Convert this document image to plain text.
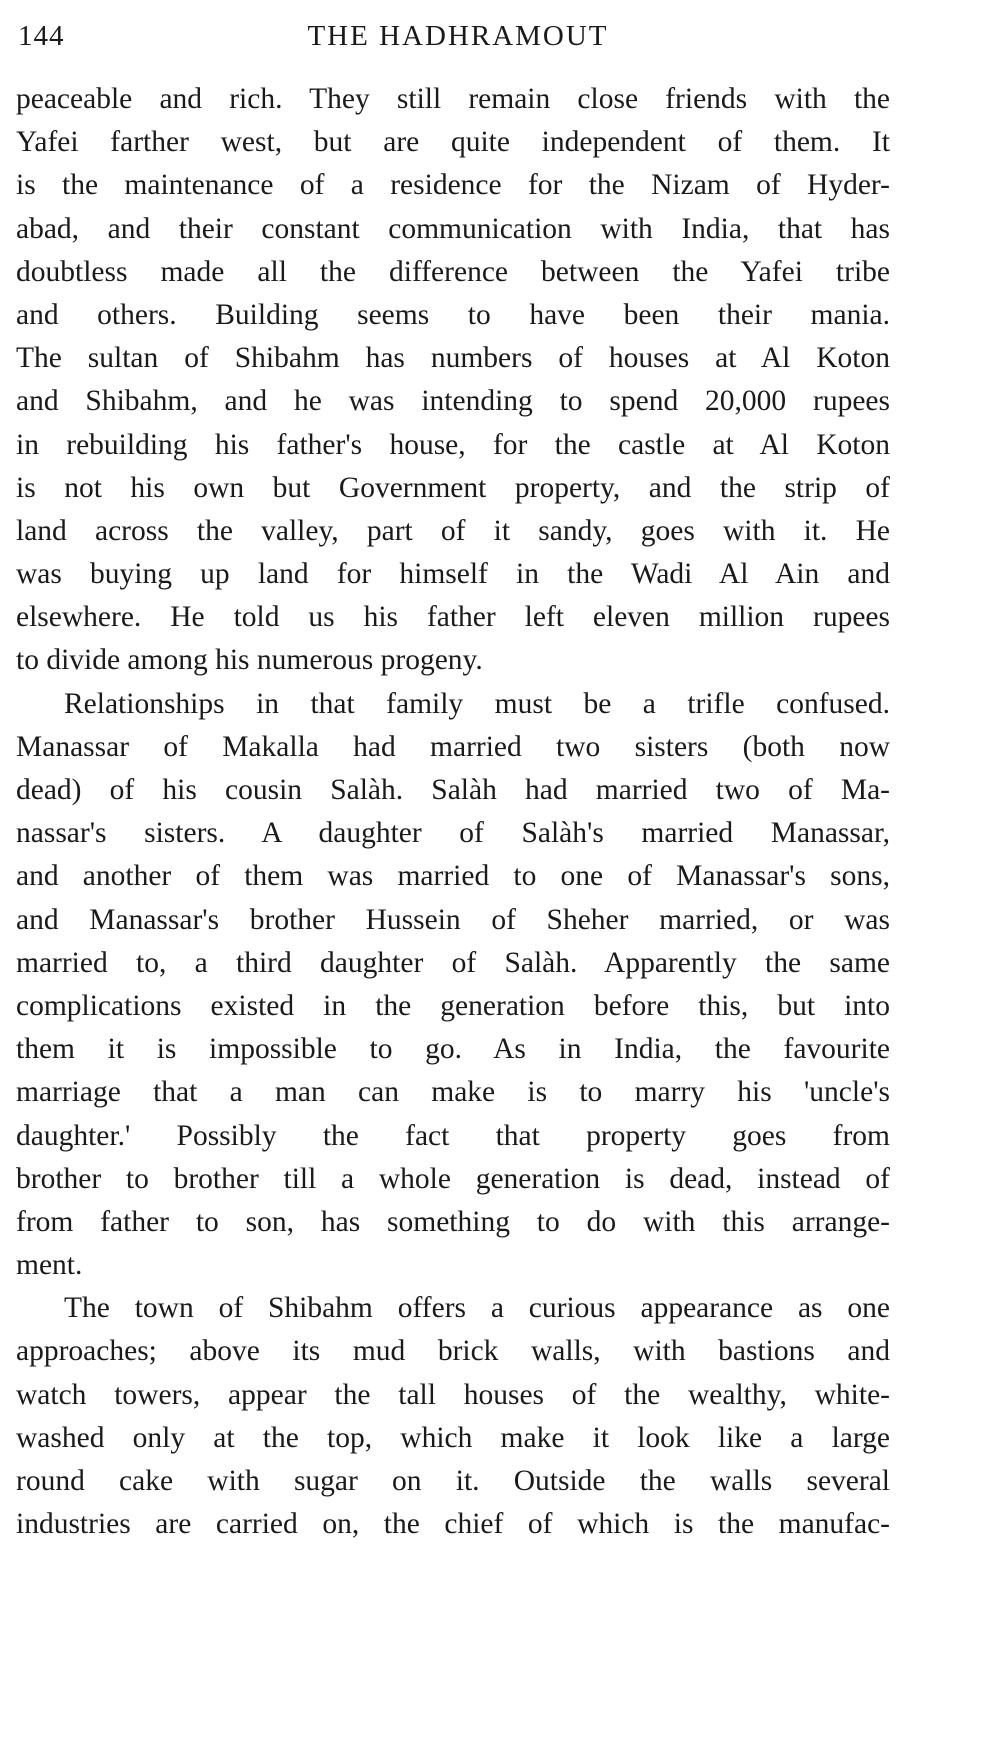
144	THE HADHRAMOUT
peaceable and rich. They still remain close friends with the
Yafei farther west, but are quite independent of them. It
is the maintenance of a residence for the Nizam of Hyder-
abad, and their constant communication with India, that has
doubtless made all the difference between the Yafei tribe
and others. Building seems to have been their mania.
The sultan of Shibahm has numbers of houses at Al Koton
and Shibahm, and he was intending to spend 20,000 rupees
in rebuilding his father's house, for the castle at Al Koton
is not his own but Government property, and the strip of
land across the valley, part of it sandy, goes with it. He
was buying up land for himself in the Wadi Al Ain and
elsewhere. He told us his father left eleven million rupees
to divide among his numerous progeny.
Relationships in that family must be a trifle confused.
Manassar of Makalla had married two sisters (both now
dead) of his cousin Salàh. Salàh had married two of Ma-
nassar's sisters. A daughter of Salàh's married Manassar,
and another of them was married to one of Manassar's sons,
and Manassar's brother Hussein of Sheher married, or was
married to, a third daughter of Salàh. Apparently the same
complications existed in the generation before this, but into
them it is impossible to go. As in India, the favourite
marriage that a man can make is to marry his 'uncle's
daughter.' Possibly the fact that property goes from
brother to brother till a whole generation is dead, instead of
from father to son, has something to do with this arrange-
ment.
The town of Shibahm offers a curious appearance as one
approaches; above its mud brick walls, with bastions and
watch towers, appear the tall houses of the wealthy, white-
washed only at the top, which make it look like a large
round cake with sugar on it. Outside the walls several
industries are carried on, the chief of which is the manufac-
